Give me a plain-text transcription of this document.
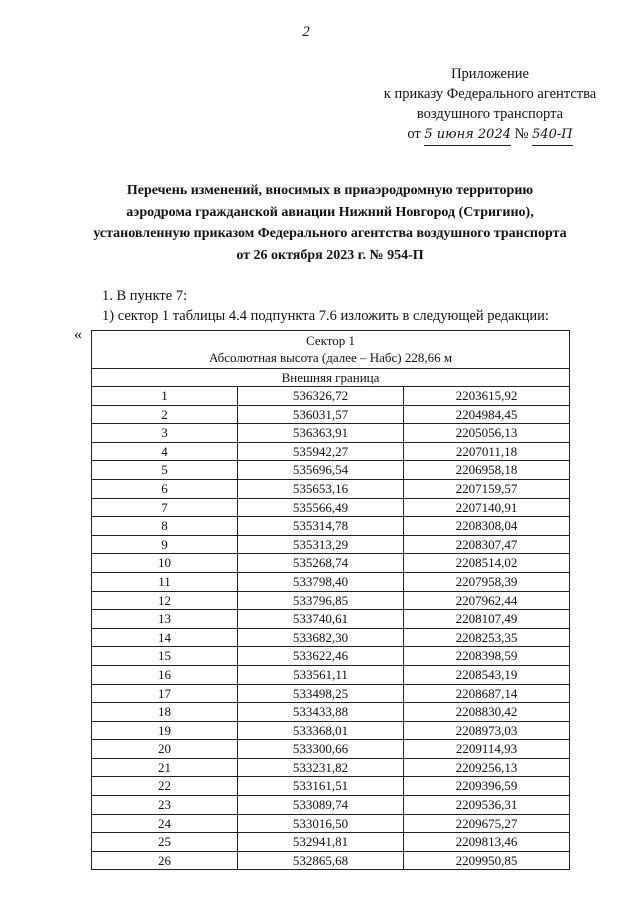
2
Приложение
к приказу Федерального агентства
воздушного транспорта
от 5 июня 2024 № 540-П
Перечень изменений, вносимых в приаэродромную территорию
аэродрома гражданской авиации Нижний Новгород (Стригино),
установленную приказом Федерального агентства воздушного транспорта
от 26 октября 2023 г. № 954-П
1. В пункте 7:
1) сектор 1 таблицы 4.4 подпункта 7.6 изложить в следующей редакции:
«	Сектор 1
Абсолютная высота (далее – Набс) 228,66 м		

Внешняя граница		
1	536326,72	2203615,92
2	536031,57	2204984,45
3	536363,91	2205056,13
4	535942,27	2207011,18
5	535696,54	2206958,18
6	535653,16	2207159,57
7	535566,49	2207140,91
8	535314,78	2208308,04
9	535313,29	2208307,47
10	535268,74	2208514,02
11	533798,40	2207958,39
12	533796,85	2207962,44
13	533740,61	2208107,49
14	533682,30	2208253,35
15	533622,46	2208398,59
16	533561,11	2208543,19
17	533498,25	2208687,14
18	533433,88	2208830,42
19	533368,01	2208973,03
20	533300,66	2209114,93
21	533231,82	2209256,13
22	533161,51	2209396,59
23	533089,74	2209536,31
24	533016,50	2209675,27
25	532941,81	2209813,46
26	532865,68	2209950,85
